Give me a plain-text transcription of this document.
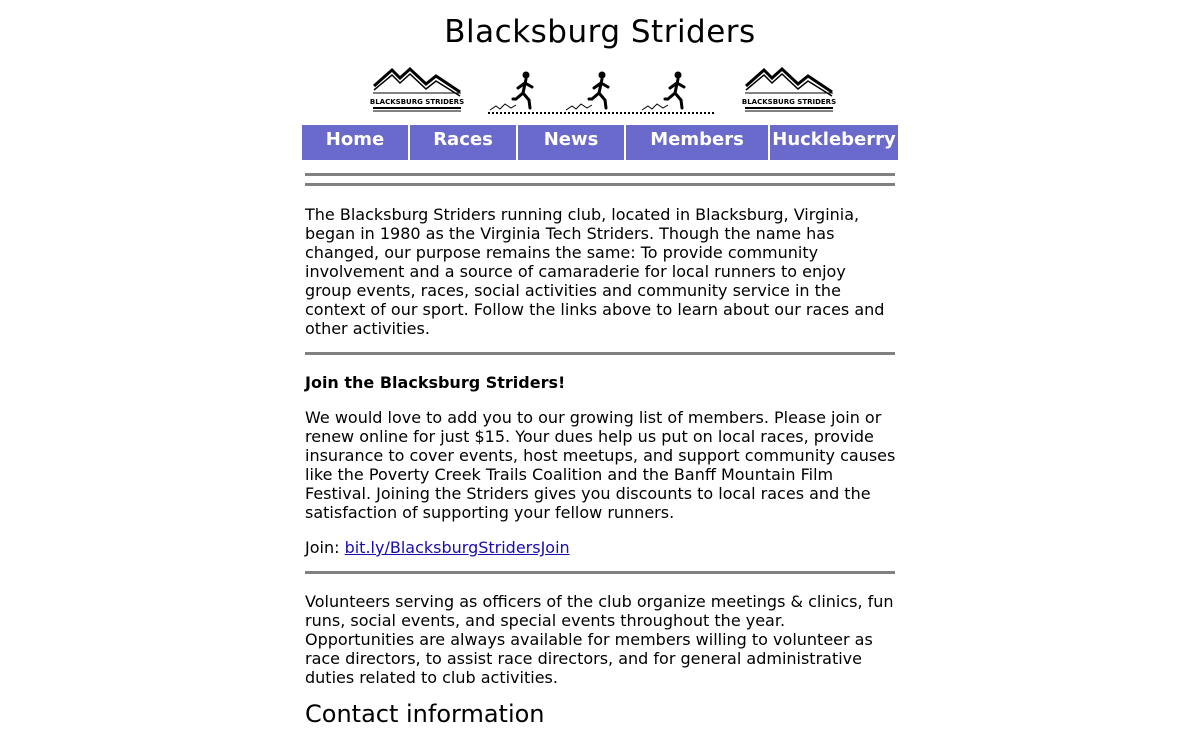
Blacksburg Striders
BLACKSBURG STRIDERS	BLACKSBURG STRIDERS
Home	Races	News	Members	Huckleberry

The Blacksburg Striders running club, located in Blacksburg, Virginia, began in 1980 as the Virginia Tech Striders. Though the name has changed, our purpose remains the same: To provide community involvement and a source of camaraderie for local runners to enjoy group events, races, social activities and community service in the context of our sport. Follow the links above to learn about our races and other activities.

Join the Blacksburg Striders!

We would love to add you to our growing list of members. Please join or renew online for just $15. Your dues help us put on local races, provide insurance to cover events, host meetups, and support community causes like the Poverty Creek Trails Coalition and the Banff Mountain Film Festival. Joining the Striders gives you discounts to local races and the satisfaction of supporting your fellow runners.

Join: bit.ly/BlacksburgStridersJoin

Volunteers serving as officers of the club organize meetings & clinics, fun runs, social events, and special events throughout the year. Opportunities are always available for members willing to volunteer as race directors, to assist race directors, and for general administrative duties related to club activities.

Contact information
